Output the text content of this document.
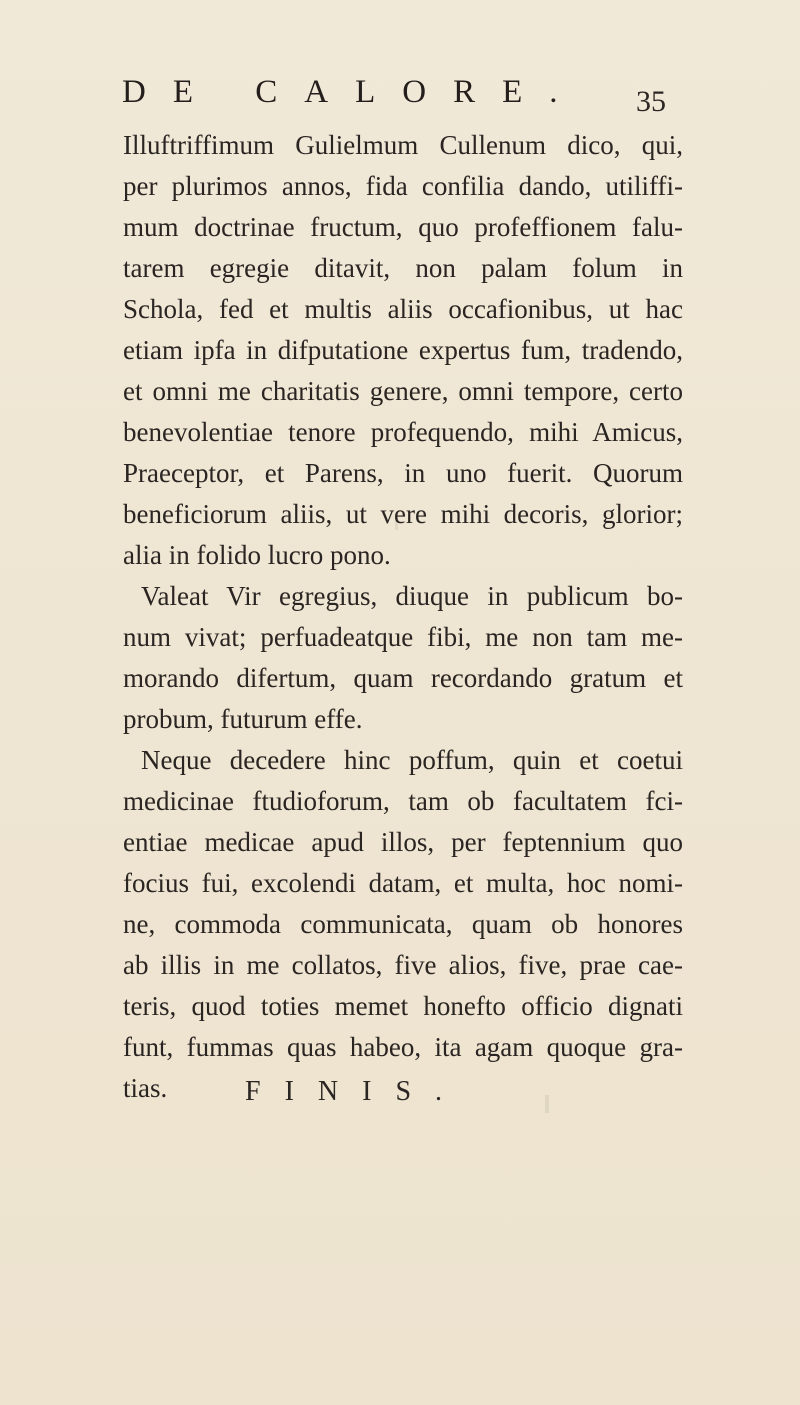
DE CALORE. 35
Illuftriffimum Gulielmum Cullenum dico, qui,
per plurimos annos, fida confilia dando, utiliffi-
mum doctrinae fructum, quo profeffionem falu-
tarem egregie ditavit, non palam folum in
Schola, fed et multis aliis occafionibus, ut hac
etiam ipfa in difputatione expertus fum, tradendo,
et omni me charitatis genere, omni tempore, certo
benevolentiae tenore profequendo, mihi Amicus,
Praeceptor, et Parens, in uno fuerit. Quorum
beneficiorum aliis, ut vere mihi decoris, glorior;
alia in folido lucro pono.
Valeat Vir egregius, diuque in publicum bo-
num vivat; perfuadeatque fibi, me non tam me-
morando difertum, quam recordando gratum et
probum, futurum effe.
Neque decedere hinc poffum, quin et coetui
medicinae ftudioforum, tam ob facultatem fci-
entiae medicae apud illos, per feptennium quo
focius fui, excolendi datam, et multa, hoc nomi-
ne, commoda communicata, quam ob honores
ab illis in me collatos, five alios, five, prae cae-
teris, quod toties memet honefto officio dignati
funt, fummas quas habeo, ita agam quoque gra-
tias.	FINIS.
